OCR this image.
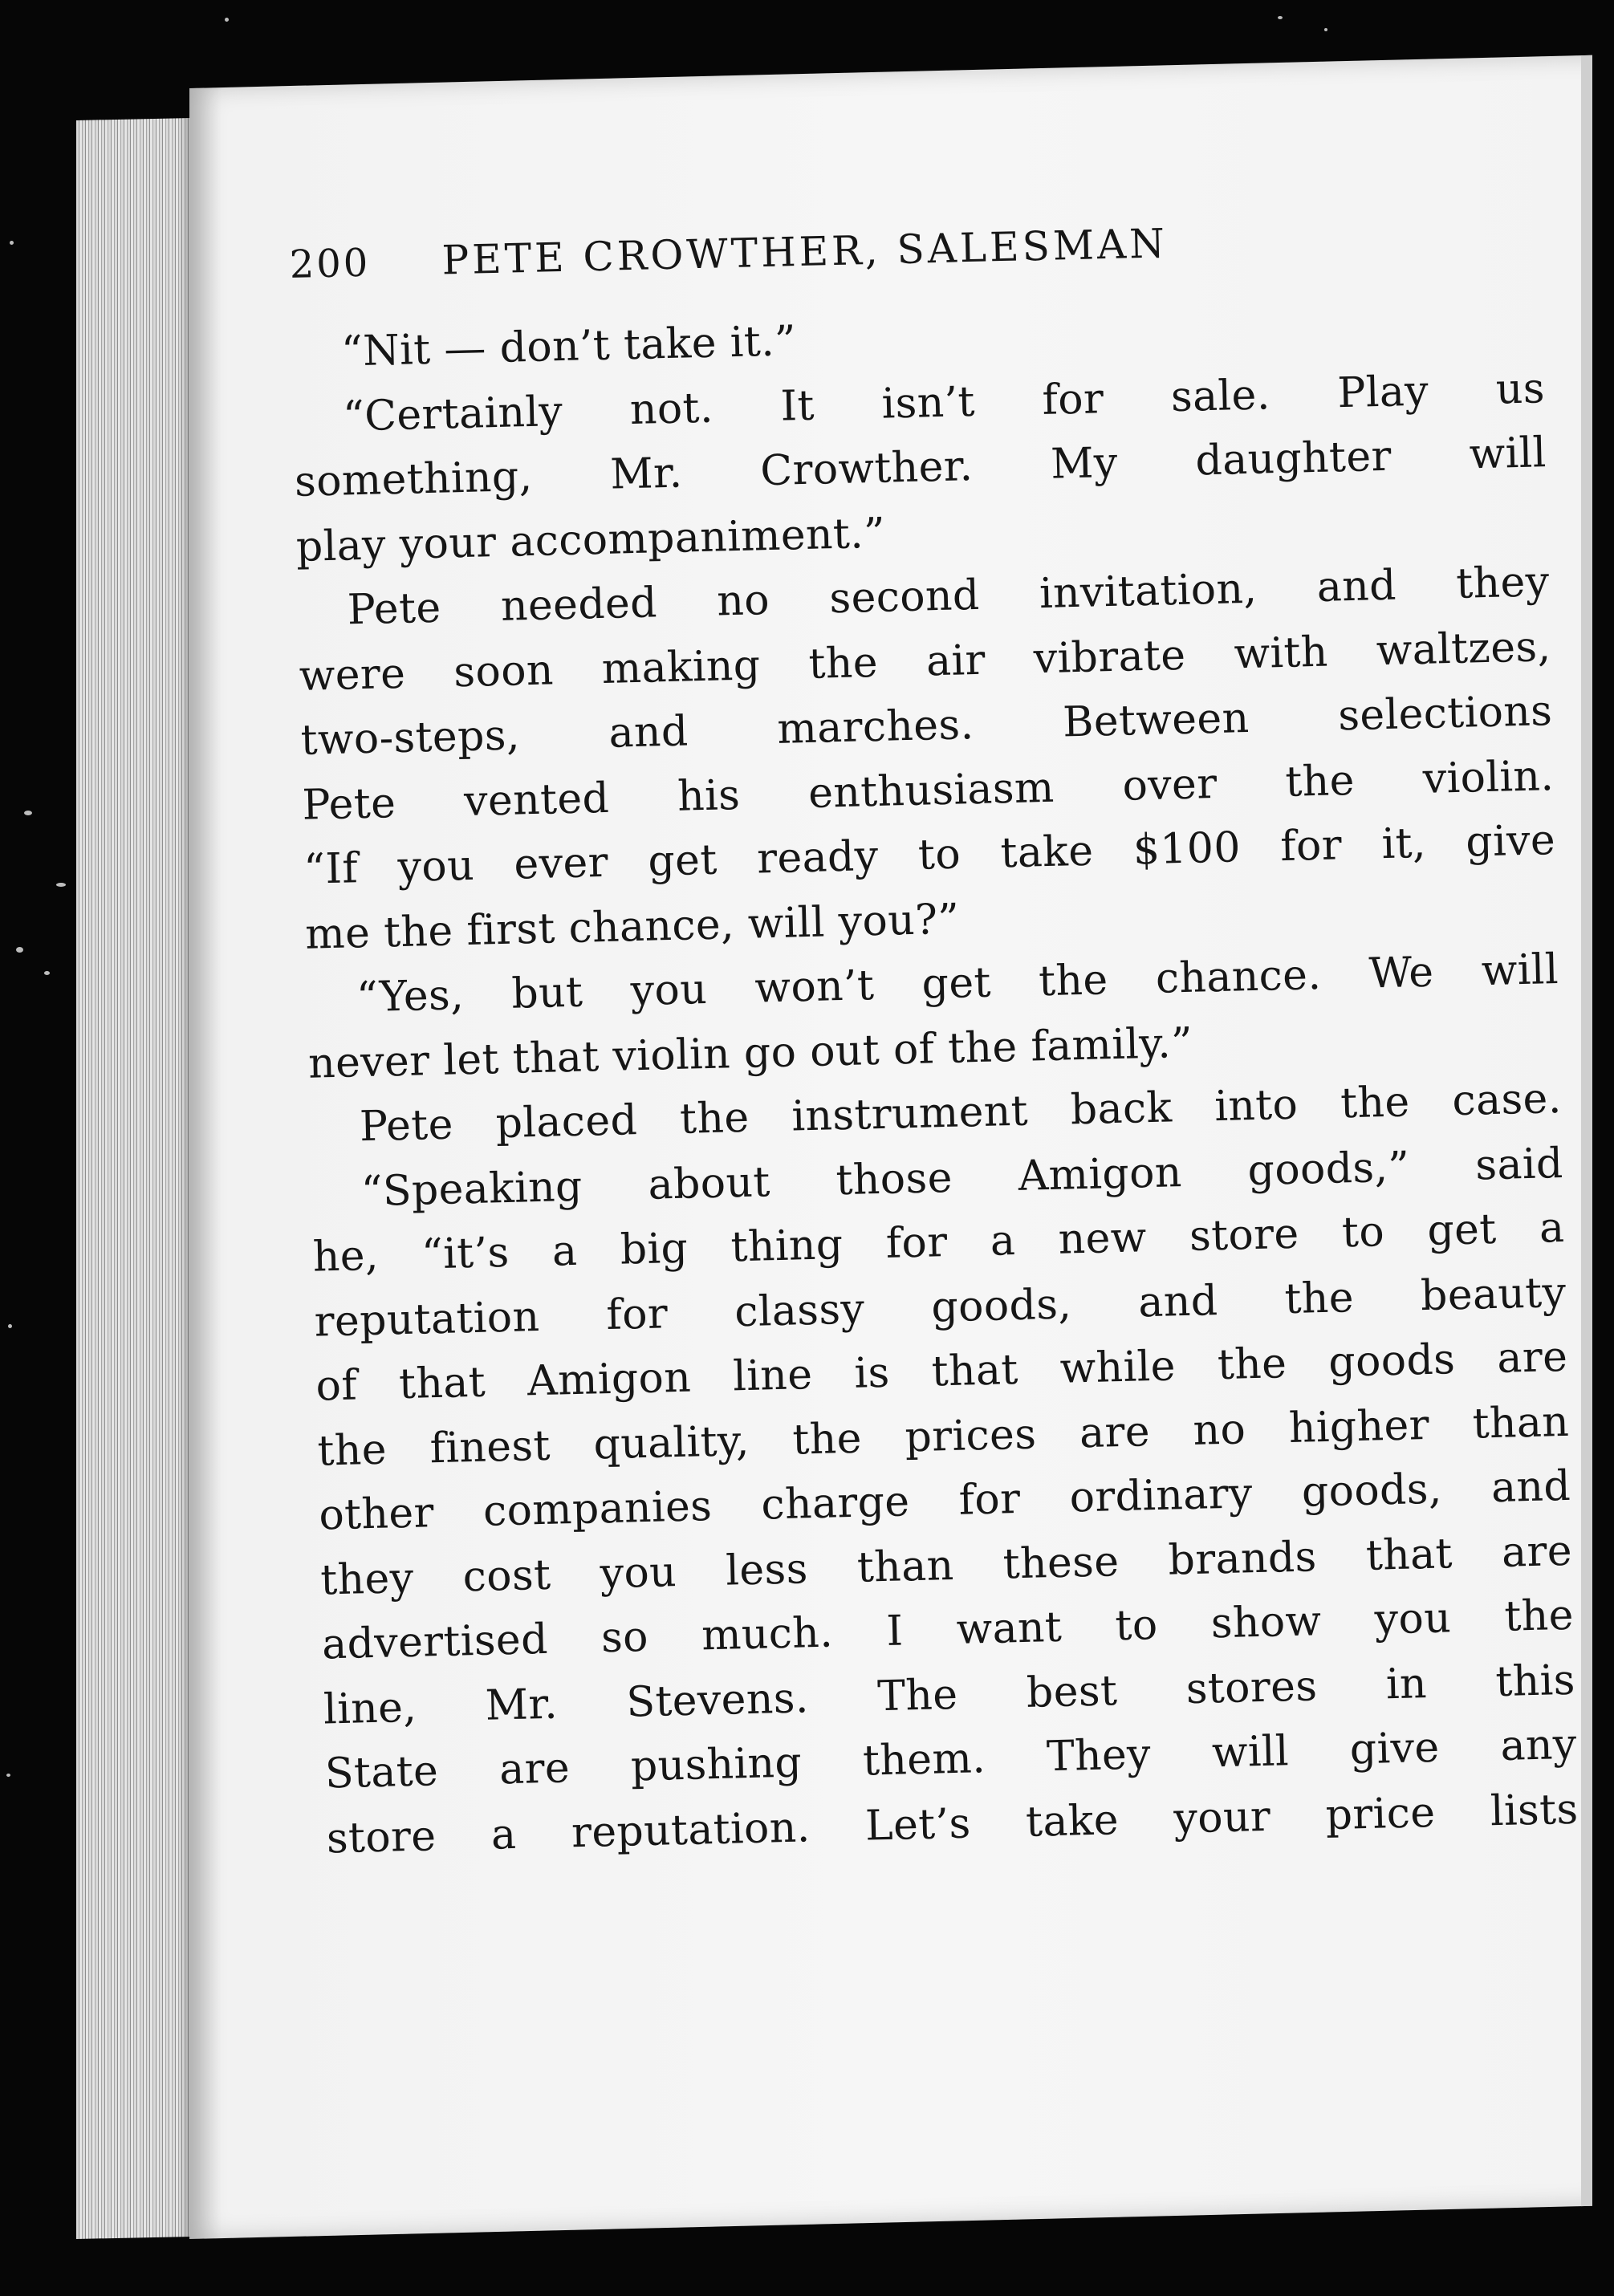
200	PETE CROWTHER, SALESMAN
“Nit — don’t take it.”
“Certainly not. It isn’t for sale. Play us
something, Mr. Crowther. My daughter will
play your accompaniment.”
Pete needed no second invitation, and they
were soon making the air vibrate with waltzes,
two-steps, and marches. Between selections
Pete vented his enthusiasm over the violin.
“If you ever get ready to take $100 for it, give
me the first chance, will you?”
“Yes, but you won’t get the chance. We will
never let that violin go out of the family.”
Pete placed the instrument back into the case.
“Speaking about those Amigon goods,” said
he, “it’s a big thing for a new store to get a
reputation for classy goods, and the beauty
of that Amigon line is that while the goods are
the finest quality, the prices are no higher than
other companies charge for ordinary goods, and
they cost you less than these brands that are
advertised so much. I want to show you the
line, Mr. Stevens. The best stores in this
State are pushing them. They will give any
store a reputation. Let’s take your price lists
